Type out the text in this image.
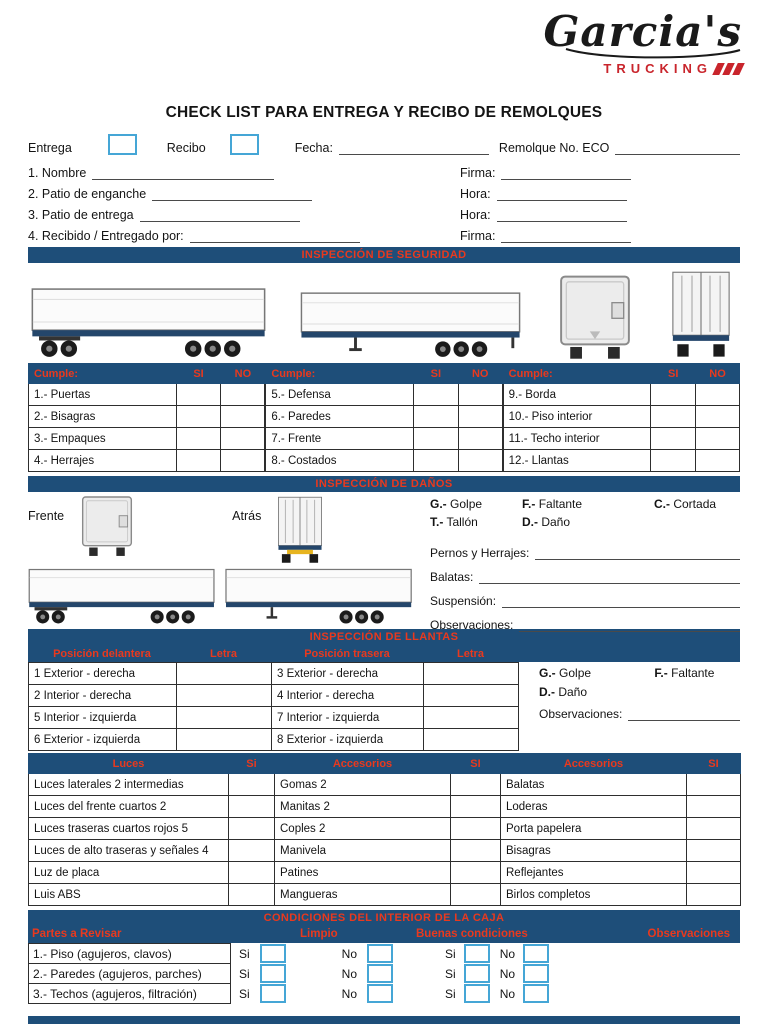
Garcia's
TRUCKING
CHECK LIST PARA ENTREGA Y RECIBO DE REMOLQUES
Entrega	Recibo	Fecha:	Remolque No. ECO
1. Nombre	Firma:
2. Patio de enganche	Hora:
3. Patio de entrega	Hora:
4. Recibido / Entregado por:	Firma:
INSPECCIÓN DE SEGURIDAD
Cumple:	SI	NO
1.- Puertas		
2.- Bisagras		
3.- Empaques		
4.- Herrajes		
Cumple:	SI	NO
5.- Defensa		
6.- Paredes		
7.- Frente		
8.- Costados		
Cumple:	SI	NO
9.- Borda		
10.- Piso interior		
11.- Techo interior		
12.- Llantas		
INSPECCIÓN DE DAÑOS
Frente	Atrás
G.- Golpe	F.- Faltante	C.- Cortada
T.- Tallón	D.- Daño
Pernos y Herrajes:
Balatas:
Suspensión:
Observaciones:
INSPECCIÓN DE LLANTAS
Posición delantera	Letra	Posición trasera	Letra
1 Exterior - derecha		3 Exterior - derecha	
2 Interior - derecha		4 Interior - derecha	
5 Interior - izquierda		7 Interior - izquierda	
6 Exterior - izquierda		8 Exterior - izquierda	
G.- Golpe	F.- Faltante
D.- Daño
Observaciones:
Luces	Si	Accesorios	SI	Accesorios	SI
Luces laterales 2 intermedias		Gomas 2		Balatas	
Luces del frente cuartos 2		Manitas 2		Loderas	
Luces traseras cuartos rojos 5		Coples 2		Porta papelera	
Luces de alto traseras y señales 4		Manivela		Bisagras	
Luz de placa		Patines		Reflejantes	
Luis ABS		Mangueras		Birlos completos	
CONDICIONES DEL INTERIOR DE LA CAJA
Partes a Revisar	Limpio	Buenas condiciones	Observaciones
1.- Piso (agujeros, clavos)	Si	No	Si	No
2.- Paredes (agujeros, parches)	Si	No	Si	No
3.- Techos (agujeros, filtración)	Si	No	Si	No
